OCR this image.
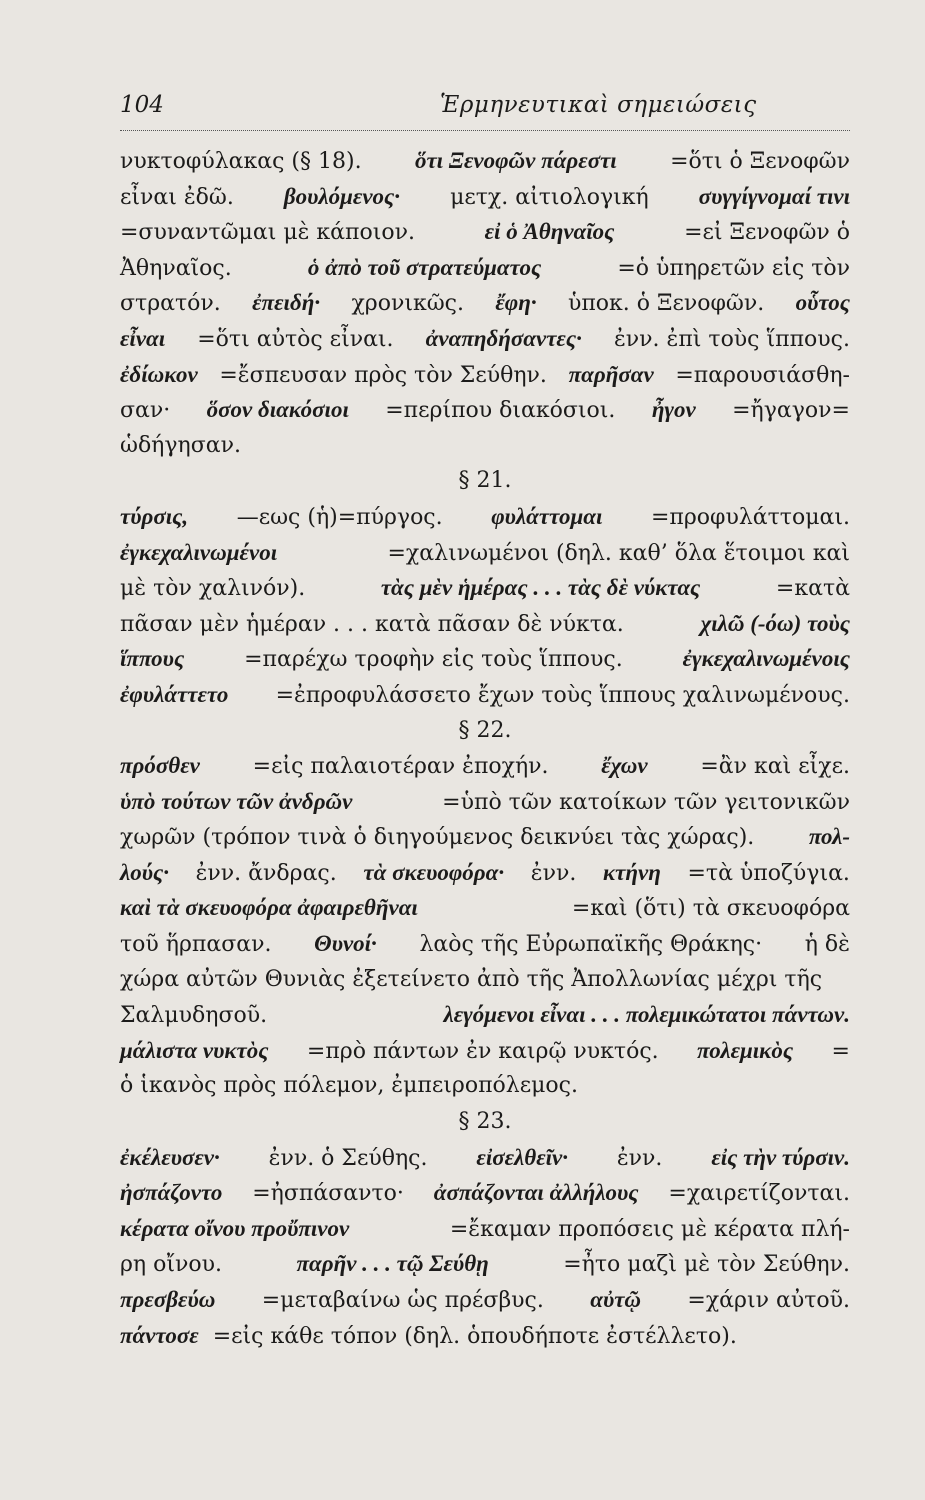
104	Ἑρμηνευτικαὶ σημειώσεις
νυκτοφύλακας (§ 18). ὅτι Ξενοφῶν πάρεστι =ὅτι ὁ Ξενοφῶν
εἶναι ἐδῶ. βουλόμενος· μετχ. αἰτιολογική συγγίγνομαί τινι
=συναντῶμαι μὲ κάποιον.	εἰ ὁ Ἀθηναῖος	=εἰ Ξενοφῶν ὁ
Ἀθηναῖος.	ὁ ἀπὸ τοῦ στρατεύματος	=ὁ ὑπηρετῶν εἰς τὸν
στρατόν. ἐπειδή· χρονικῶς. ἔφη· ὑποκ. ὁ Ξενοφῶν. οὗτος
εἶναι =ὅτι αὐτὸς εἶναι. ἀναπηδήσαντες· ἐνν. ἐπὶ τοὺς ἵππους.
ἐδίωκον =ἔσπευσαν πρὸς τὸν Σεύθην. παρῆσαν =παρουσιάσθη-
σαν· ὅσον διακόσιοι =περίπου διακόσιοι. ἦγον =ἤγαγον=
ὡδήγησαν.
§ 21.
τύρσις, —εως (ἡ)=πύργος. φυλάττομαι =προφυλάττομαι.
ἐγκεχαλινωμένοι	=χαλινωμένοι (δηλ. καθ’ ὅλα ἕτοιμοι καὶ
μὲ τὸν χαλινόν).	τὰς μὲν ἡμέρας . . . τὰς δὲ νύκτας	=κατὰ
πᾶσαν μὲν ἡμέραν . . . κατὰ πᾶσαν δὲ νύκτα.	χιλῶ (-όω) τοὺς
ἵππους	=παρέχω τροφὴν εἰς τοὺς ἵππους.	ἐγκεχαλινωμένοις
ἐφυλάττετο =ἐπροφυλάσσετο ἔχων τοὺς ἵππους χαλινωμένους.
§ 22.
πρόσθεν =εἰς παλαιοτέραν ἐποχήν. ἔχων =ἂν καὶ εἶχε.
ὑπὸ τούτων τῶν ἀνδρῶν	=ὑπὸ τῶν κατοίκων τῶν γειτονικῶν
χωρῶν (τρόπον τινὰ ὁ διηγούμενος δεικνύει τὰς χώρας). πολ-
λούς· ἐνν. ἄνδρας. τὰ σκευοφόρα· ἐνν. κτήνη =τὰ ὑποζύγια.
καὶ τὰ σκευοφόρα ἀφαιρεθῆναι	=καὶ (ὅτι) τὰ σκευοφόρα
τοῦ ἥρπασαν. Θυνοί· λαὸς τῆς Εὐρωπαϊκῆς Θράκης· ἡ δὲ
χώρα αὐτῶν Θυνιὰς ἐξετείνετο ἀπὸ τῆς Ἀπολλωνίας μέχρι τῆς
Σαλμυδησοῦ.	λεγόμενοι εἶναι . . . πολεμικώτατοι πάντων.
μάλιστα νυκτὸς =πρὸ πάντων ἐν καιρῷ νυκτός. πολεμικὸς =
ὁ ἱκανὸς πρὸς πόλεμον, ἐμπειροπόλεμος.
§ 23.
ἐκέλευσεν· ἐνν. ὁ Σεύθης. εἰσελθεῖν· ἐνν. εἰς τὴν τύρσιν.
ἠσπάζοντο =ἠσπάσαντο· ἀσπάζονται ἀλλήλους =χαιρετίζονται.
κέρατα οἴνου προὔπινον	=ἔκαμαν προπόσεις μὲ κέρατα πλή-
ρη οἴνου.	παρῆν . . . τῷ Σεύθῃ	=ἦτο μαζὶ μὲ τὸν Σεύθην.
πρεσβεύω =μεταβαίνω ὡς πρέσβυς. αὐτῷ =χάριν αὐτοῦ.
πάντοσε =εἰς κάθε τόπον (δηλ. ὁπουδήποτε ἐστέλλετο).
